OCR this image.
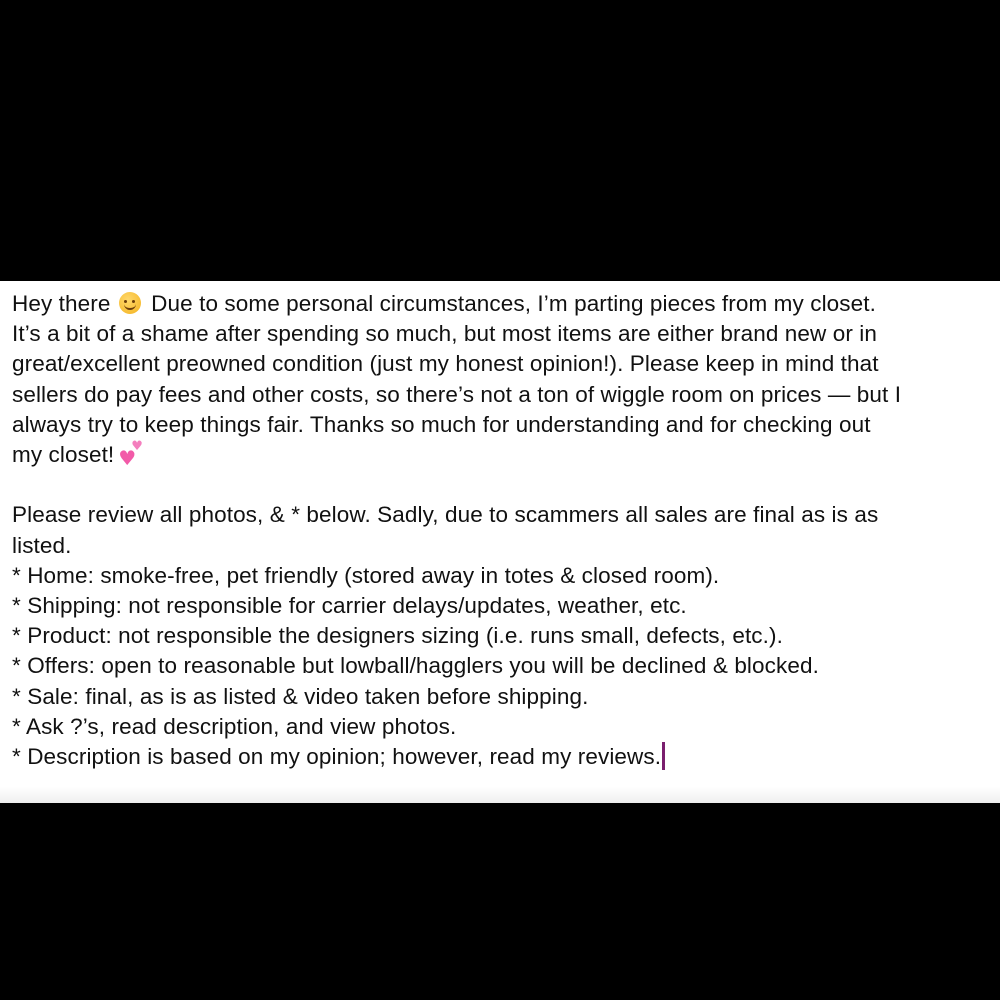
Hey there Due to some personal circumstances, I’m parting pieces from my closet.

It’s a bit of a shame after spending so much, but most items are either brand new or in

great/excellent preowned condition (just my honest opinion!). Please keep in mind that

sellers do pay fees and other costs, so there’s not a ton of wiggle room on prices — but I

always try to keep things fair. Thanks so much for understanding and for checking out

my closet!♥ ♥

Please review all photos, & * below. Sadly, due to scammers all sales are final as is as

listed.

* Home: smoke-free, pet friendly (stored away in totes & closed room).

* Shipping: not responsible for carrier delays/updates, weather, etc.

* Product: not responsible the designers sizing (i.e. runs small, defects, etc.).

* Offers: open to reasonable but lowball/hagglers you will be declined & blocked.

* Sale: final, as is as listed & video taken before shipping.

* Ask ?’s, read description, and view photos.

* Description is based on my opinion; however, read my reviews.
